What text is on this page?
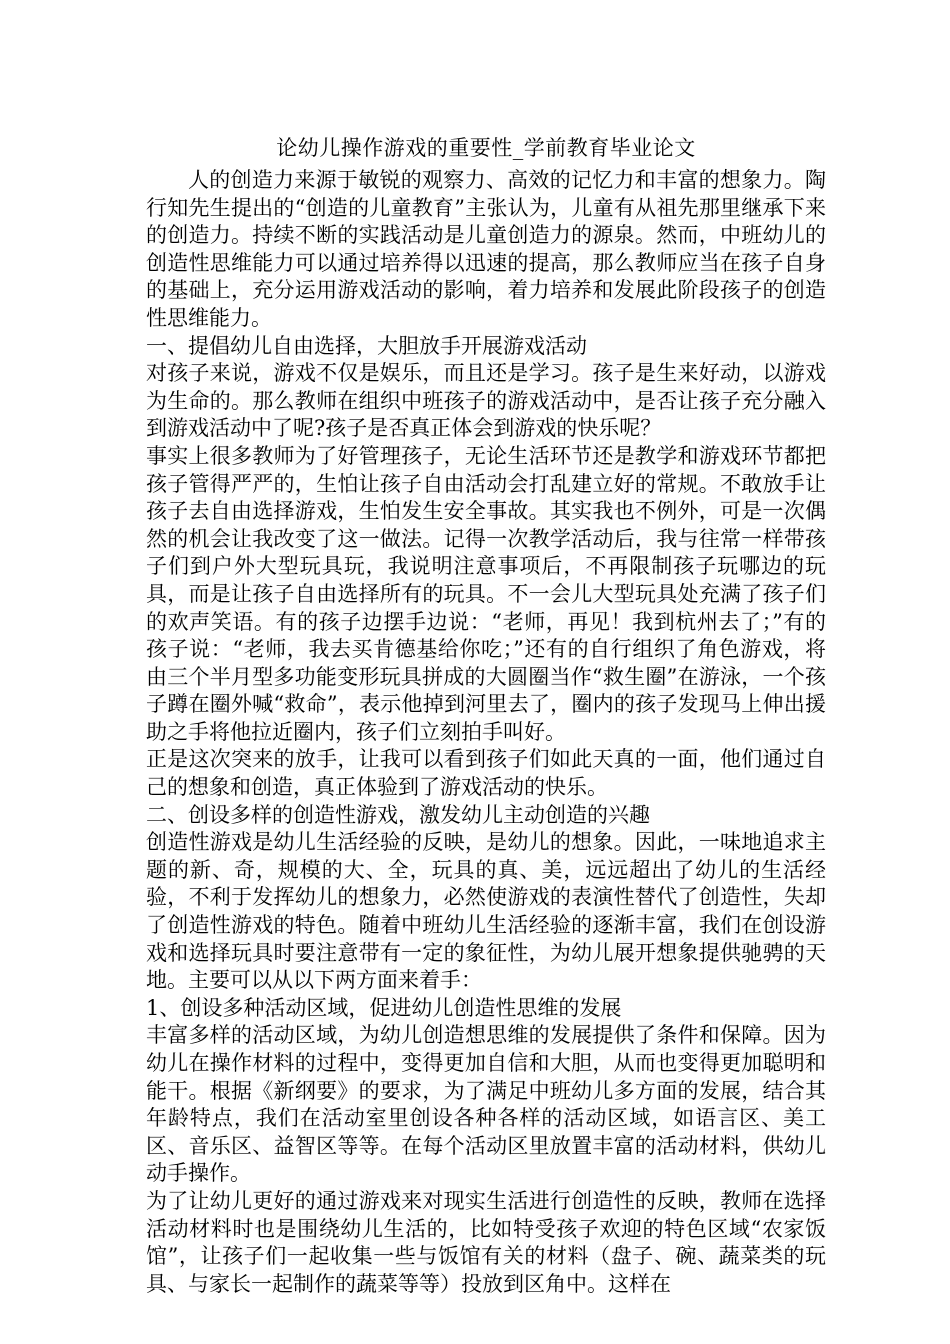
论幼儿操作游戏的重要性_学前教育毕业论文

人的创造力来源于敏锐的观察力、高效的记忆力和丰富的想象力。陶行知先生提出的“创造的儿童教育”主张认为，儿童有从祖先那里继承下来的创造力。持续不断的实践活动是儿童创造力的源泉。然而，中班幼儿的创造性思维能力可以通过培养得以迅速的提高，那么教师应当在孩子自身的基础上，充分运用游戏活动的影响，着力培养和发展此阶段孩子的创造性思维能力。

一、提倡幼儿自由选择，大胆放手开展游戏活动

对孩子来说，游戏不仅是娱乐，而且还是学习。孩子是生来好动，以游戏为生命的。那么教师在组织中班孩子的游戏活动中，是否让孩子充分融入到游戏活动中了呢?孩子是否真正体会到游戏的快乐呢？

事实上很多教师为了好管理孩子，无论生活环节还是教学和游戏环节都把孩子管得严严的，生怕让孩子自由活动会打乱建立好的常规。不敢放手让孩子去自由选择游戏，生怕发生安全事故。其实我也不例外，可是一次偶然的机会让我改变了这一做法。记得一次教学活动后，我与往常一样带孩子们到户外大型玩具玩，我说明注意事项后，不再限制孩子玩哪边的玩具，而是让孩子自由选择所有的玩具。不一会儿大型玩具处充满了孩子们的欢声笑语。有的孩子边摆手边说：“老师，再见！我到杭州去了；”有的孩子说：“老师，我去买肯德基给你吃；”还有的自行组织了角色游戏，将由三个半月型多功能变形玩具拼成的大圆圈当作“救生圈”在游泳，一个孩子蹲在圈外喊“救命”，表示他掉到河里去了，圈内的孩子发现马上伸出援助之手将他拉近圈内，孩子们立刻拍手叫好。

正是这次突来的放手，让我可以看到孩子们如此天真的一面，他们通过自己的想象和创造，真正体验到了游戏活动的快乐。

二、创设多样的创造性游戏，激发幼儿主动创造的兴趣

创造性游戏是幼儿生活经验的反映，是幼儿的想象。因此，一味地追求主题的新、奇，规模的大、全，玩具的真、美，远远超出了幼儿的生活经验，不利于发挥幼儿的想象力，必然使游戏的表演性替代了创造性，失却了创造性游戏的特色。随着中班幼儿生活经验的逐渐丰富，我们在创设游戏和选择玩具时要注意带有一定的象征性，为幼儿展开想象提供驰骋的天地。主要可以从以下两方面来着手：

1、创设多种活动区域，促进幼儿创造性思维的发展

丰富多样的活动区域，为幼儿创造想思维的发展提供了条件和保障。因为幼儿在操作材料的过程中，变得更加自信和大胆，从而也变得更加聪明和能干。根据《新纲要》的要求，为了满足中班幼儿多方面的发展，结合其年龄特点，我们在活动室里创设各种各样的活动区域，如语言区、美工区、音乐区、益智区等等。在每个活动区里放置丰富的活动材料，供幼儿动手操作。

为了让幼儿更好的通过游戏来对现实生活进行创造性的反映，教师在选择活动材料时也是围绕幼儿生活的，比如特受孩子欢迎的特色区域“农家饭馆”，让孩子们一起收集一些与饭馆有关的材料（盘子、碗、蔬菜类的玩具、与家长一起制作的蔬菜等等）投放到区角中。这样在
